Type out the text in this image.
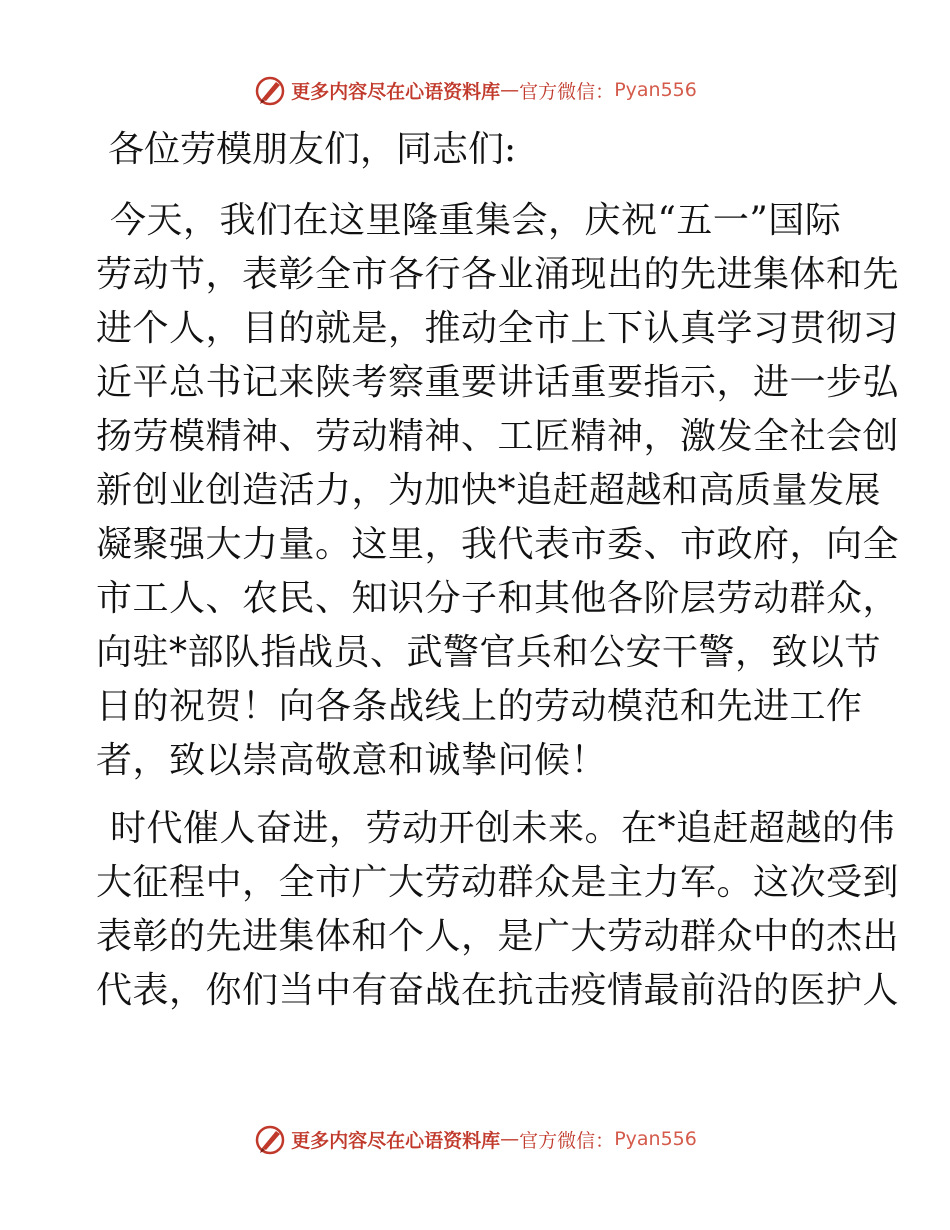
更多内容尽在心语资料库 — 官方微信： Pyan556
各位劳模朋友们，同志们:
今天，我们在这里隆重集会，庆祝“五一”国际
劳动节，表彰全市各行各业涌现出的先进集体和先
进个人，目的就是，推动全市上下认真学习贯彻习
近平总书记来陕考察重要讲话重要指示，进一步弘
扬劳模精神、劳动精神、工匠精神，激发全社会创
新创业创造活力，为加快*追赶超越和高质量发展
凝聚强大力量。这里，我代表市委、市政府，向全
市工人、农民、知识分子和其他各阶层劳动群众，
向驻*部队指战员、武警官兵和公安干警，致以节
日的祝贺！向各条战线上的劳动模范和先进工作
者，致以崇高敬意和诚挚问候！
时代催人奋进，劳动开创未来。在*追赶超越的伟
大征程中，全市广大劳动群众是主力军。这次受到
表彰的先进集体和个人，是广大劳动群众中的杰出
代表，你们当中有奋战在抗击疫情最前沿的医护人
更多内容尽在心语资料库 — 官方微信： Pyan556
